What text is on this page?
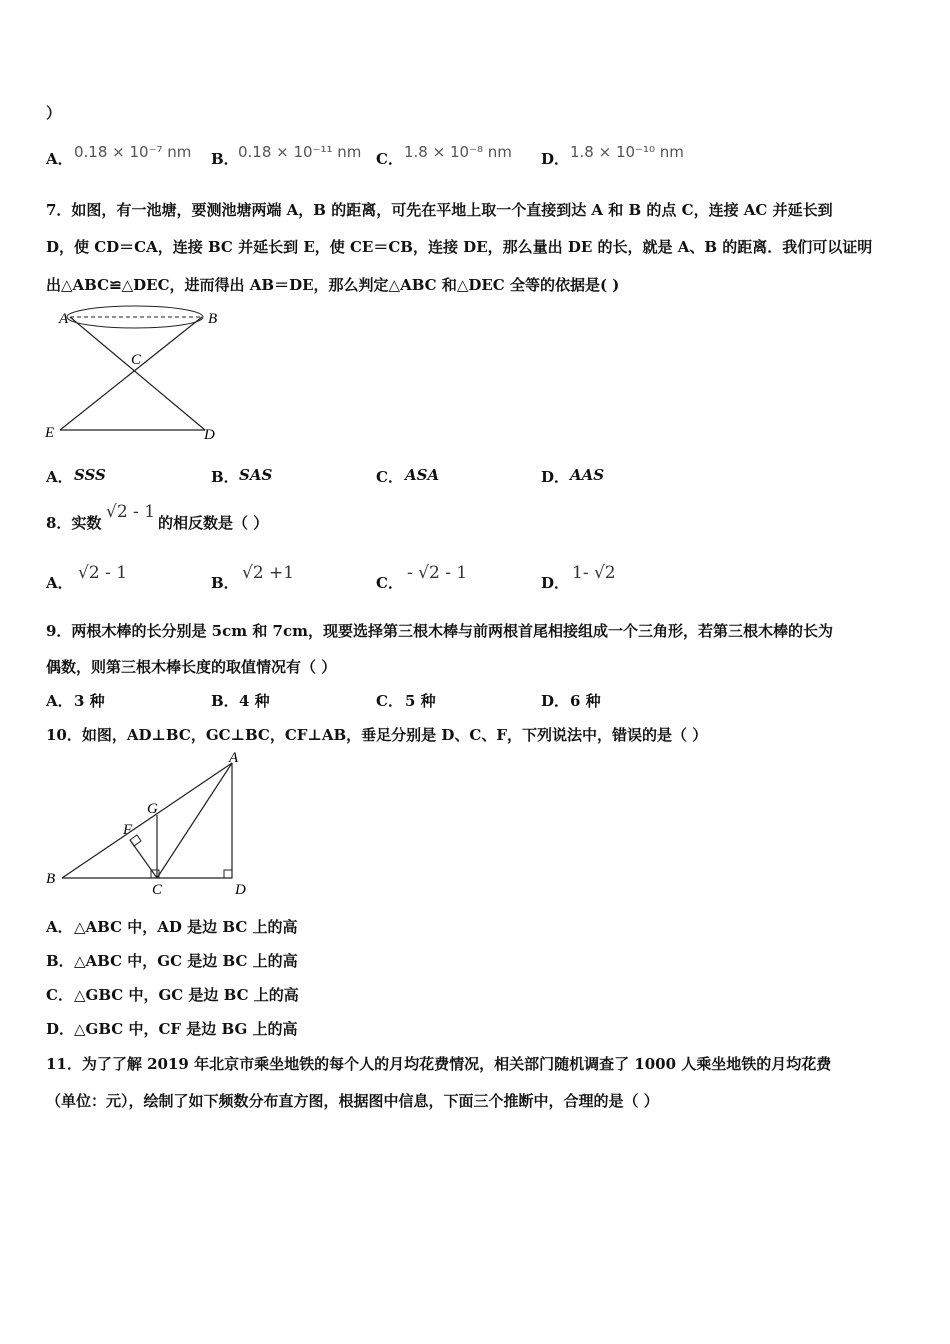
）
A． 0.18 × 10⁻⁷ nm B． 0.18 × 10⁻¹¹ nm C． 1.8 × 10⁻⁸ nm D． 1.8 × 10⁻¹⁰ nm
7．如图，有一池塘，要测池塘两端 A，B 的距离，可先在平地上取一个直接到达 A 和 B 的点 C，连接 AC 并延长到
D，使 CD＝CA，连接 BC 并延长到 E，使 CE＝CB，连接 DE，那么量出 DE 的长，就是 A、B 的距离．我们可以证明
出△ABC≌△DEC，进而得出 AB＝DE，那么判定△ABC 和△DEC 全等的依据是( )
A	B
C
E	D
A． SSS	B． SAS	C． ASA	D． AAS
8．实数
√2 - 1
的相反数是（ ）
A． √2 - 1	B． √2 +1	C． - √2 - 1	D． 1- √2
9．两根木棒的长分别是 5cm 和 7cm，现要选择第三根木棒与前两根首尾相接组成一个三角形，若第三根木棒的长为
偶数，则第三根木棒长度的取值情况有（ ）
A． 3 种	B． 4 种	C． 5 种	D． 6 种
10．如图，AD⊥BC，GC⊥BC，CF⊥AB，垂足分别是 D、C、F，下列说法中，错误的是（ ）
A
B
C	D
F
G
A． △ABC 中，AD 是边 BC 上的高
B． △ABC 中，GC 是边 BC 上的高
C． △GBC 中，GC 是边 BC 上的高
D． △GBC 中，CF 是边 BG 上的高
11．为了了解 2019 年北京市乘坐地铁的每个人的月均花费情况，相关部门随机调查了 1000 人乘坐地铁的月均花费
（单位：元），绘制了如下频数分布直方图，根据图中信息，下面三个推断中，合理的是（ ）
